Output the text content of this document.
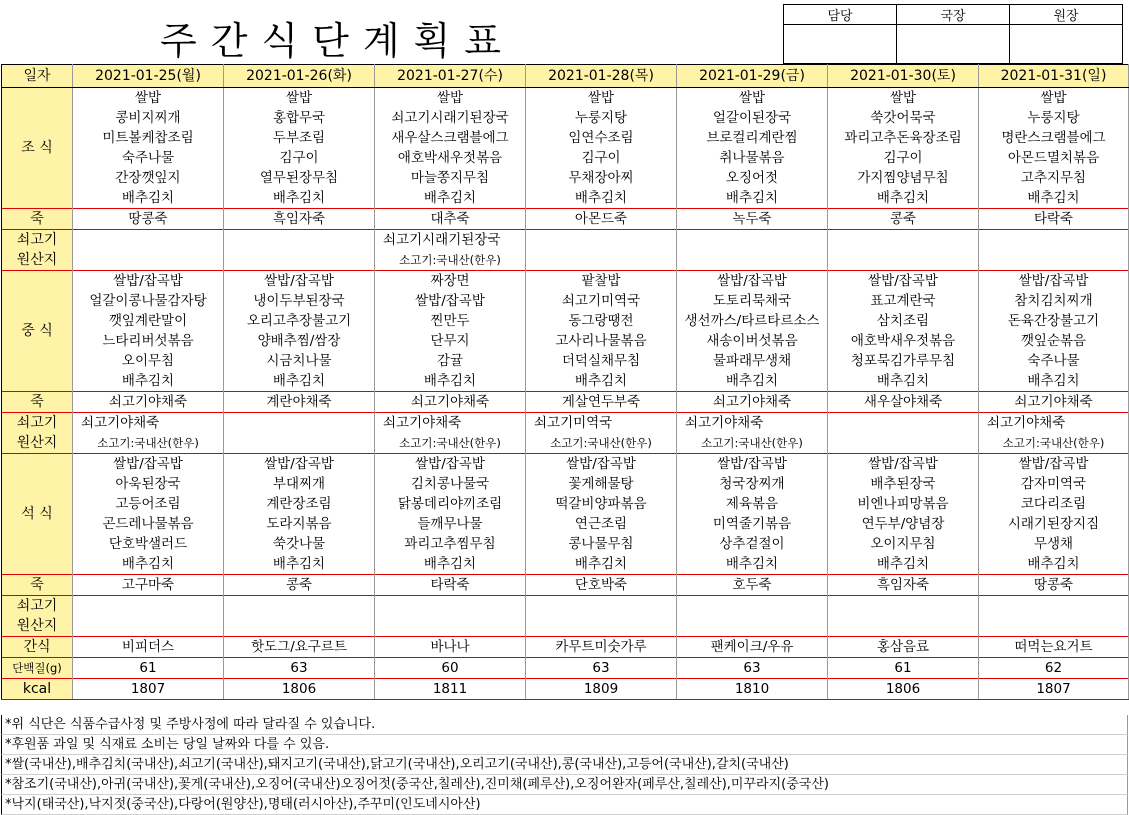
주간식단계획표
담당	국장	원장

일자	2021-01-25(월)	2021-01-26(화)	2021-01-27(수)	2021-01-28(목)	2021-01-29(금)	2021-01-30(토)	2021-01-31(일)
조 식	쌀밥	쌀밥	쌀밥	쌀밥	쌀밥	쌀밥	쌀밥
	콩비지찌개	홍합무국	쇠고기시래기된장국	누룽지탕	얼갈이된장국	쑥갓어묵국	누룽지탕
	미트볼케찹조림	두부조림	새우살스크램블에그	임연수조림	브로컬리계란찜	꽈리고추돈육장조림	명란스크램블에그
	숙주나물	김구이	애호박새우젓볶음	김구이	취나물볶음	김구이	아몬드멸치볶음
	간장깻잎지	열무된장무침	마늘쫑지무침	무채장아찌	오징어젓	가지찜양념무침	고추지무침
	배추김치	배추김치	배추김치	배추김치	배추김치	배추김치	배추김치
죽	땅콩죽	흑임자죽	대추죽	아몬드죽	녹두죽	콩죽	타락죽
쇠고기			쇠고기시래기된장국				
원산지			소고기:국내산(한우)				
중 식	쌀밥/잡곡밥	쌀밥/잡곡밥	짜장면	팥찰밥	쌀밥/잡곡밥	쌀밥/잡곡밥	쌀밥/잡곡밥
	얼갈이콩나물감자탕	냉이두부된장국	쌀밥/잡곡밥	쇠고기미역국	도토리묵채국	표고계란국	참치김치찌개
	깻잎계란말이	오리고추장불고기	찐만두	동그랑땡전	생선까스/타르타르소스	삼치조림	돈육간장불고기
	느타리버섯볶음	양배추찜/쌈장	단무지	고사리나물볶음	새송이버섯볶음	애호박새우젓볶음	깻잎순볶음
	오이무침	시금치나물	감귤	더덕실채무침	물파래무생채	청포묵김가루무침	숙주나물
	배추김치	배추김치	배추김치	배추김치	배추김치	배추김치	배추김치
죽	쇠고기야채죽	계란야채죽	쇠고기야채죽	게살연두부죽	쇠고기야채죽	새우살야채죽	쇠고기야채죽
쇠고기	쇠고기야채죽		쇠고기야채죽	쇠고기미역국	쇠고기야채죽		쇠고기야채죽
원산지	소고기:국내산(한우)		소고기:국내산(한우)	소고기:국내산(한우)	소고기:국내산(한우)		소고기:국내산(한우)
석 식	쌀밥/잡곡밥	쌀밥/잡곡밥	쌀밥/잡곡밥	쌀밥/잡곡밥	쌀밥/잡곡밥	쌀밥/잡곡밥	쌀밥/잡곡밥
	아욱된장국	부대찌개	김치콩나물국	꽃게해물탕	청국장찌개	배추된장국	감자미역국
	고등어조림	계란장조림	닭봉데리야끼조림	떡갈비양파볶음	제육볶음	비엔나피망볶음	코다리조림
	곤드레나물볶음	도라지볶음	들깨무나물	연근조림	미역줄기볶음	연두부/양념장	시래기된장지짐
	단호박샐러드	쑥갓나물	꽈리고추찜무침	콩나물무침	상추겉절이	오이지무침	무생채
	배추김치	배추김치	배추김치	배추김치	배추김치	배추김치	배추김치
죽	고구마죽	콩죽	타락죽	단호박죽	호두죽	흑임자죽	땅콩죽
쇠고기							
원산지							
간식	비피더스	핫도그/요구르트	바나나	카무트미숫가루	팬케이크/우유	홍삼음료	떠먹는요거트
단백질(g)	61	63	60	63	63	61	62
kcal	1807	1806	1811	1809	1810	1806	1807
*위 식단은 식품수급사정 및 주방사정에 따라 달라질 수 있습니다.
*후원품 과일 및 식재료 소비는 당일 날짜와 다를 수 있음.
*쌀(국내산),배추김치(국내산),쇠고기(국내산),돼지고기(국내산),닭고기(국내산),오리고기(국내산),콩(국내산),고등어(국내산),갈치(국내산)
*참조기(국내산),아귀(국내산),꽃게(국내산),오징어(국내산)오징어젓(중국산,칠레산),진미채(페루산),오징어완자(페루산,칠레산),미꾸라지(중국산)
*낙지(태국산),낙지젓(중국산),다랑어(원양산),명태(러시아산),주꾸미(인도네시아산)
